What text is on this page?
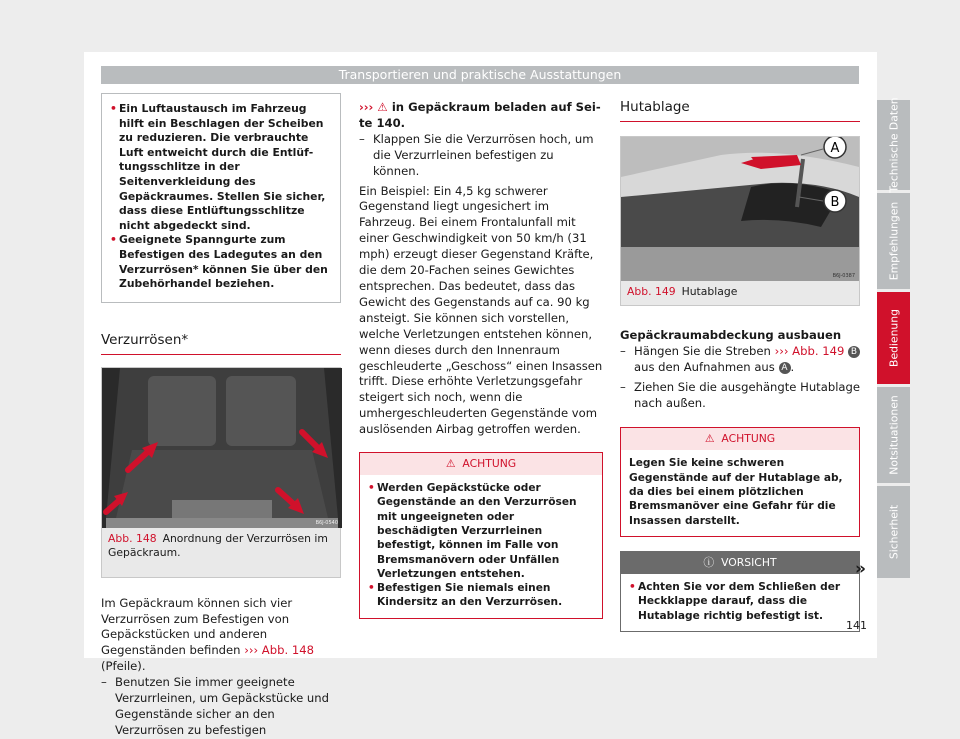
Transportieren und praktische Ausstattungen
• Ein Luftaustausch im Fahrzeug hilft ein Beschlagen der Scheiben zu reduzieren. Die verbrauchte Luft entweicht durch die Entlüftungsschlitze in der Seitenverkleidung des Gepäckraumes. Stellen Sie sicher, dass diese Entlüftungsschlitze nicht abgedeckt sind.
• Geeignete Spanngurte zum Befestigen des Ladegutes an den Verzurrösen* können Sie über den Zubehörhandel beziehen.
Verzurrösen*
B6J-0540
Abb. 148 Anordnung der Verzurrösen im Gepäckraum.

Im Gepäckraum können sich vier Verzurrösen zum Befestigen von Gepäckstücken und anderen Gegenständen befinden ››› Abb. 148 (Pfeile).

– Benutzen Sie immer geeignete Verzurrleinen, um Gepäckstücke und Gegenstände sicher an den Verzurrösen zu befestigen

››› ⚠ in Gepäckraum beladen auf Seite 140.

– Klappen Sie die Verzurrösen hoch, um die Verzurrleinen befestigen zu können.

Ein Beispiel: Ein 4,5 kg schwerer Gegenstand liegt ungesichert im Fahrzeug. Bei einem Frontalunfall mit einer Geschwindigkeit von 50 km/h (31 mph) erzeugt dieser Gegenstand Kräfte, die dem 20-Fachen seines Gewichtes entsprechen. Das bedeutet, dass das Gewicht des Gegenstands auf ca. 90 kg ansteigt. Sie können sich vorstellen, welche Verletzungen entstehen können, wenn dieses durch den Innenraum geschleuderte „Geschoss“ einen Insassen trifft. Diese erhöhte Verletzungsgefahr steigert sich noch, wenn die umhergeschleuderten Gegenstände vom auslösenden Airbag getroffen werden.

⚠ ACHTUNG
• Werden Gepäckstücke oder Gegenstände an den Verzurrösen mit ungeeigneten oder beschädigten Verzurrleinen befestigt, können im Falle von Bremsmanövern oder Unfällen Verletzungen entstehen.
• Befestigen Sie niemals einen Kindersitz an den Verzurrösen.
Hutablage
A
B
B6J-0387
Abb. 149 Hutablage

Gepäckraumabdeckung ausbauen

– Hängen Sie die Streben ››› Abb. 149 B aus den Aufnahmen aus A .
– Ziehen Sie die ausgehängte Hutablage nach außen.
⚠ ACHTUNG
Legen Sie keine schweren Gegenstände auf der Hutablage ab, da dies bei einem plötzlichen Bremsmanöver eine Gefahr für die Insassen darstellt.
ⓘ VORSICHT
• Achten Sie vor dem Schließen der Heckklappe darauf, dass die Hutablage richtig befestigt ist.
»
Technische Daten
Empfehlungen
Bedienung
Notsituationen
Sicherheit
141
